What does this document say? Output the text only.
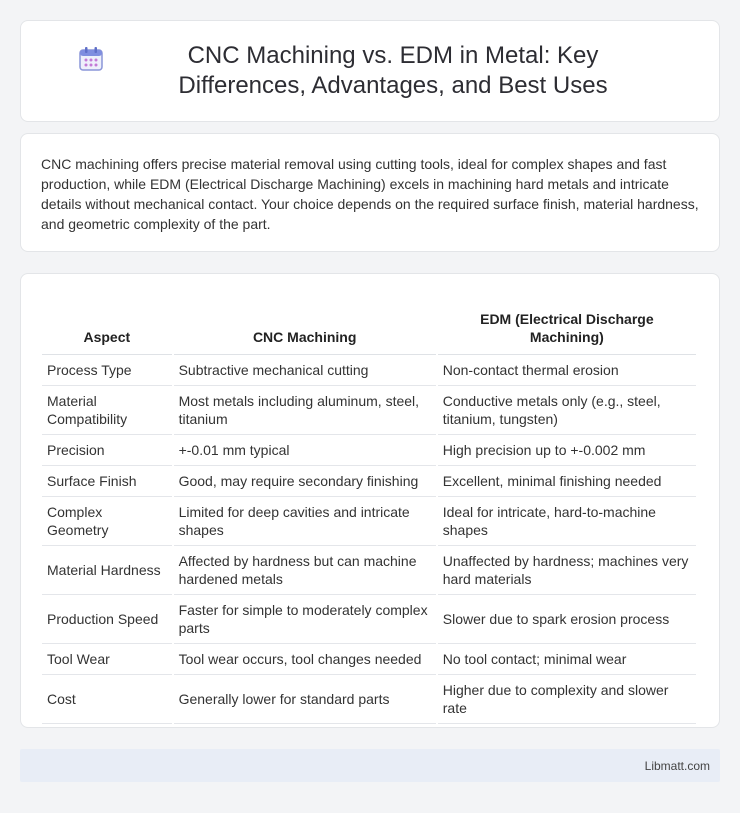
CNC Machining vs. EDM in Metal: Key Differences, Advantages, and Best Uses

CNC machining offers precise material removal using cutting tools, ideal for complex shapes and fast production, while EDM (Electrical Discharge Machining) excels in machining hard metals and intricate details without mechanical contact. Your choice depends on the required surface finish, material hardness, and geometric complexity of the part.

Aspect	CNC Machining	EDM (Electrical Discharge Machining)
Process Type	Subtractive mechanical cutting	Non-contact thermal erosion
Material Compatibility	Most metals including aluminum, steel, titanium	Conductive metals only (e.g., steel, titanium, tungsten)
Precision	+-0.01 mm typical	High precision up to +-0.002 mm
Surface Finish	Good, may require secondary finishing	Excellent, minimal finishing needed
Complex Geometry	Limited for deep cavities and intricate shapes	Ideal for intricate, hard-to-machine shapes
Material Hardness	Affected by hardness but can machine hardened metals	Unaffected by hardness; machines very hard materials
Production Speed	Faster for simple to moderately complex parts	Slower due to spark erosion process
Tool Wear	Tool wear occurs, tool changes needed	No tool contact; minimal wear
Cost	Generally lower for standard parts	Higher due to complexity and slower rate
Libmatt.com
